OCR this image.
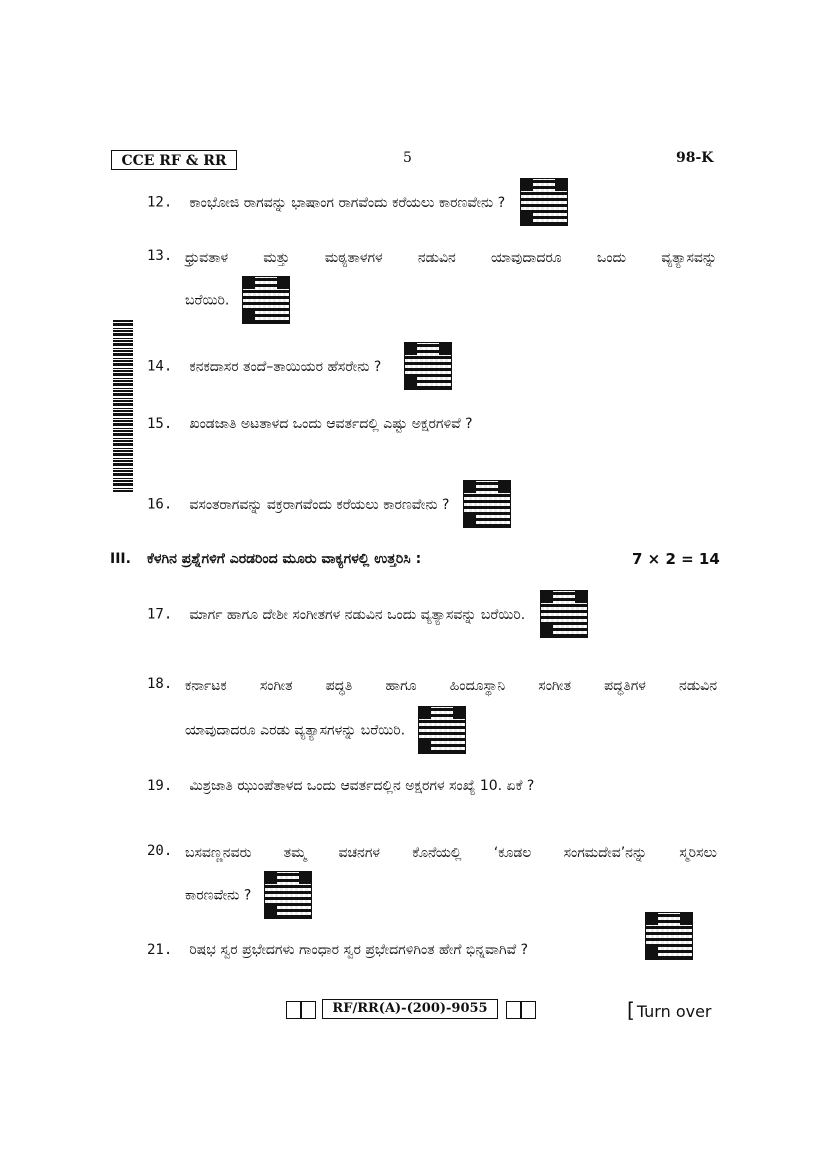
CCE RF & RR	5	98-K
12. ಕಾಂಭೋಜಿ ರಾಗವನ್ನು ಭಾಷಾಂಗ ರಾಗವೆಂದು ಕರೆಯಲು ಕಾರಣವೇನು ?
13. ಧ್ರುವತಾಳ ಮತ್ತು ಮಠ್ಯತಾಳಗಳ ನಡುವಿನ ಯಾವುದಾದರೂ ಒಂದು ವ್ಯತ್ಯಾಸವನ್ನು
ಬರೆಯಿರಿ.
14. ಕನಕದಾಸರ ತಂದೆ–ತಾಯಿಯರ ಹೆಸರೇನು ?
15. ಖಂಡಜಾತಿ ಅಟತಾಳದ ಒಂದು ಆವರ್ತದಲ್ಲಿ ಎಷ್ಟು ಅಕ್ಷರಗಳಿವೆ ?
16. ವಸಂತರಾಗವನ್ನು ವಕ್ರರಾಗವೆಂದು ಕರೆಯಲು ಕಾರಣವೇನು ?
III. ಕೆಳಗಿನ ಪ್ರಶ್ನೆಗಳಿಗೆ ಎರಡರಿಂದ ಮೂರು ವಾಕ್ಯಗಳಲ್ಲಿ ಉತ್ತರಿಸಿ :	7 × 2 = 14
17. ಮಾರ್ಗ ಹಾಗೂ ದೇಶೀ ಸಂಗೀತಗಳ ನಡುವಿನ ಒಂದು ವ್ಯತ್ಯಾಸವನ್ನು ಬರೆಯಿರಿ.
18. ಕರ್ನಾಟಕ ಸಂಗೀತ ಪದ್ಧತಿ ಹಾಗೂ ಹಿಂದೂಸ್ಥಾನಿ ಸಂಗೀತ ಪದ್ಧತಿಗಳ ನಡುವಿನ
ಯಾವುದಾದರೂ ಎರಡು ವ್ಯತ್ಯಾಸಗಳನ್ನು ಬರೆಯಿರಿ.
19. ಮಿಶ್ರಜಾತಿ ಝುಂಪೆತಾಳದ ಒಂದು ಆವರ್ತದಲ್ಲಿನ ಅಕ್ಷರಗಳ ಸಂಖ್ಯೆ 10. ಏಕೆ ?
20. ಬಸವಣ್ಣನವರು ತಮ್ಮ ವಚನಗಳ ಕೊನೆಯಲ್ಲಿ ‘ಕೂಡಲ ಸಂಗಮದೇವ’ನನ್ನು ಸ್ಮರಿಸಲು
ಕಾರಣವೇನು ?
21. ರಿಷಭ ಸ್ವರ ಪ್ರಭೇದಗಳು ಗಾಂಧಾರ ಸ್ವರ ಪ್ರಭೇದಗಳಿಗಿಂತ ಹೇಗೆ ಭಿನ್ನವಾಗಿವೆ ?
RF/RR(A)-(200)-9055	[ Turn over
